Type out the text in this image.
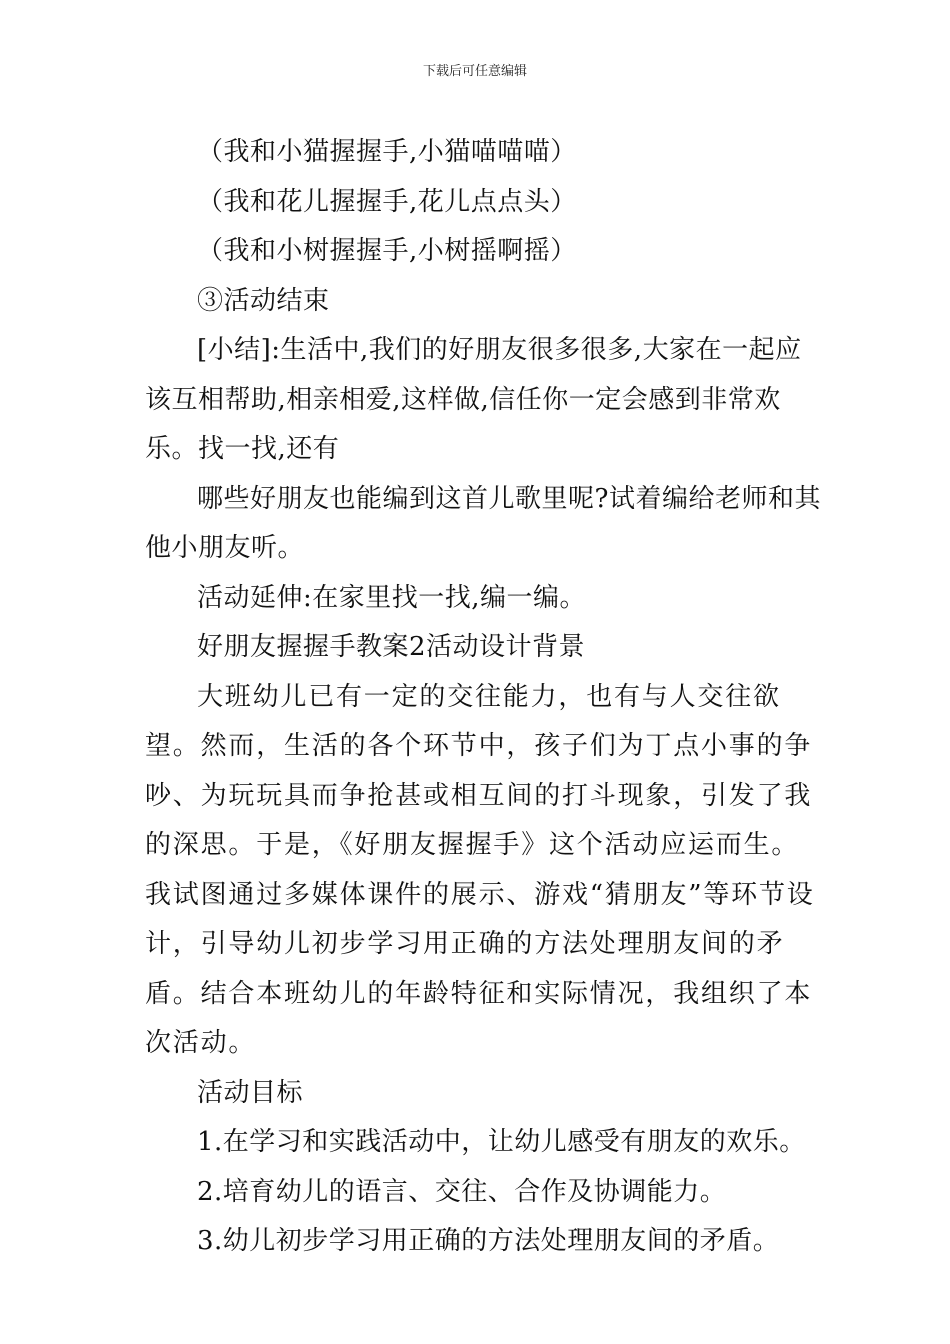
下载后可任意编辑

（我和小猫握握手,小猫喵喵喵）

（我和花儿握握手,花儿点点头）

（我和小树握握手,小树摇啊摇）

③活动结束

[小结]:生活中,我们的好朋友很多很多,大家在一起应该互相帮助,相亲相爱,这样做,信任你一定会感到非常欢乐。找一找,还有

哪些好朋友也能编到这首儿歌里呢?试着编给老师和其他小朋友听。

活动延伸:在家里找一找,编一编。

好朋友握握手教案2活动设计背景

大班幼儿已有一定的交往能力，也有与人交往欲望。然而，生活的各个环节中，孩子们为丁点小事的争吵、为玩玩具而争抢甚或相互间的打斗现象，引发了我的深思。于是，《好朋友握握手》这个活动应运而生。我试图通过多媒体课件的展示、游戏“猜朋友”等环节设计，引导幼儿初步学习用正确的方法处理朋友间的矛盾。结合本班幼儿的年龄特征和实际情况，我组织了本次活动。

活动目标

1.在学习和实践活动中，让幼儿感受有朋友的欢乐。

2.培育幼儿的语言、交往、合作及协调能力。

3.幼儿初步学习用正确的方法处理朋友间的矛盾。
